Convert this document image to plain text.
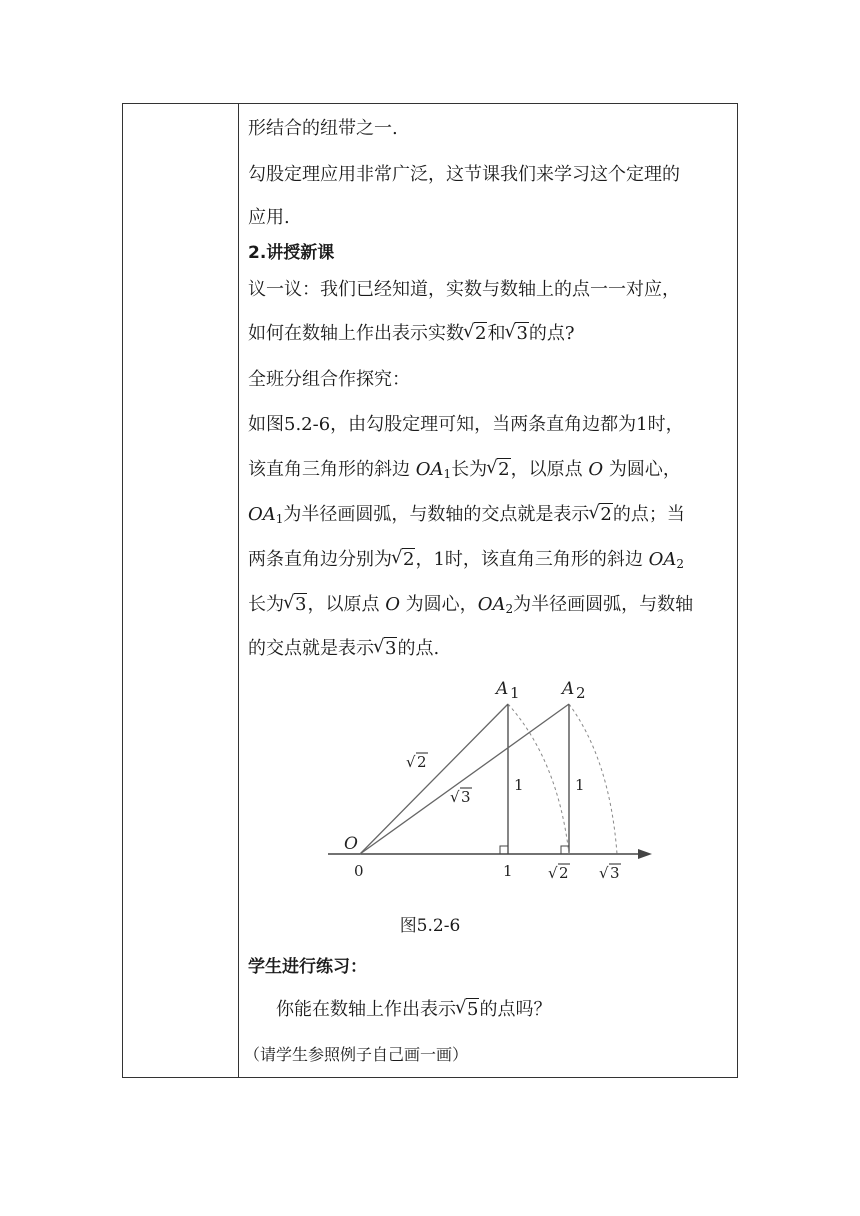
形结合的纽带之一.
勾股定理应用非常广泛，这节课我们来学习这个定理的
应用.
2.讲授新课
议一议：我们已经知道，实数与数轴上的点一一对应，
如何在数轴上作出表示实数 √ 2和 √ 3的点?
全班分组合作探究：
如图5.2-6，由勾股定理可知，当两条直角边都为1时，
该直角三角形的斜边 $OA_1$长为 √ 2，以原点 O 为圆心，
$OA_1$为半径画圆弧，与数轴的交点就是表示 √ 2的点；当
两条直角边分别为 √ 2，1时，该直角三角形的斜边 $OA_2$
长为 √ 3，以原点 O 为圆心，$OA_2$为半径画圆弧，与数轴
的交点就是表示 √ 3的点.
A 1 A 2
O
0	1
1	1
√ 2
√ 3
√ 2 √ 3
图5.2-6
学生进行练习：
你能在数轴上作出表示 √ 5的点吗？
（请学生参照例子自己画一画）
